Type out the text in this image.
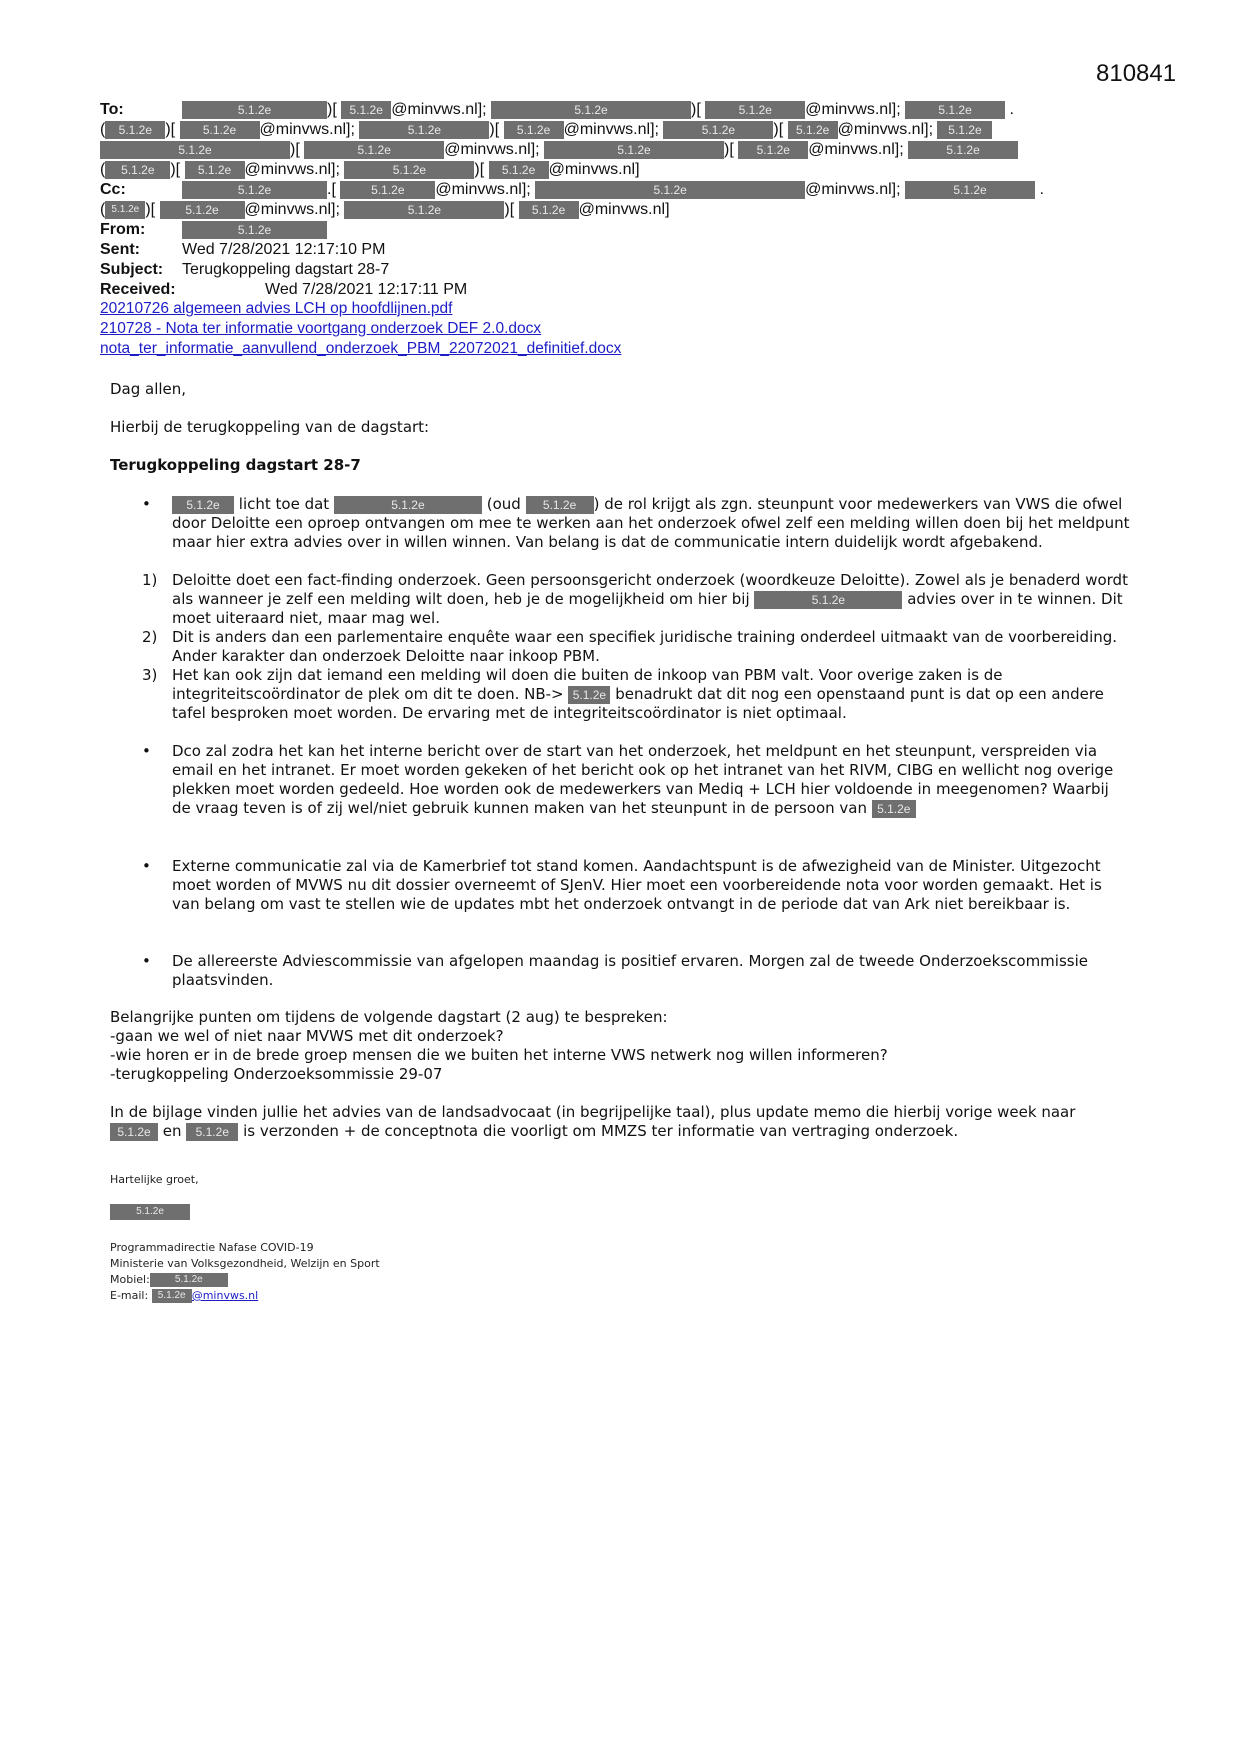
810841
To:	5.1.2e	)[ 5.1.2e @minvws.nl];	5.1.2e	)[	5.1.2e @minvws.nl];	5.1.2e .
( 5.1.2e )[ 5.1.2e @minvws.nl];	5.1.2e	)[ 5.1.2e @minvws.nl];	5.1.2e )[ 5.1.2e @minvws.nl]; 5.1.2e
5.1.2e	)[	5.1.2e	@minvws.nl];	5.1.2e	)[ 5.1.2e @minvws.nl];	5.1.2e
( 5.1.2e )[ 5.1.2e @minvws.nl];	5.1.2e	)[ 5.1.2e @minvws.nl]
Cc:	5.1.2e	.[	5.1.2e @minvws.nl];	5.1.2e	@minvws.nl];	5.1.2e	.
( 5.1.2e )[ 5.1.2e @minvws.nl];	5.1.2e	)[ 5.1.2e @minvws.nl]
From:	5.1.2e
Sent:	Wed 7/28/2021 12:17:10 PM
Subject: Terugkoppeling dagstart 28-7
Received:	Wed 7/28/2021 12:17:11 PM
20210726 algemeen advies LCH op hoofdlijnen.pdf
210728 - Nota ter informatie voortgang onderzoek DEF 2.0.docx
nota_ter_informatie_aanvullend_onderzoek_PBM_22072021_definitief.docx
Dag allen,
Hierbij de terugkoppeling van de dagstart:
Terugkoppeling dagstart 28-7
•	5.1.2e licht toe dat	5.1.2e	(oud 5.1.2e ) de rol krijgt als zgn. steunpunt voor medewerkers van VWS die ofwel door Deloitte een oproep ontvangen om mee te werken aan het onderzoek ofwel zelf een melding willen doen bij het meldpunt maar hier extra advies over in willen winnen. Van belang is dat de communicatie intern duidelijk wordt afgebakend.
1) Deloitte doet een fact-finding onderzoek. Geen persoonsgericht onderzoek (woordkeuze Deloitte). Zowel als je benaderd wordt als wanneer je zelf een melding wilt doen, heb je de mogelijkheid om hier bij	5.1.2e	advies over in te winnen. Dit moet uiteraard niet, maar mag wel.
2) Dit is anders dan een parlementaire enquête waar een specifiek juridische training onderdeel uitmaakt van de voorbereiding. Ander karakter dan onderzoek Deloitte naar inkoop PBM.
3) Het kan ook zijn dat iemand een melding wil doen die buiten de inkoop van PBM valt. Voor overige zaken is de integriteitscoördinator de plek om dit te doen. NB-> 5.1.2e benadrukt dat dit nog een openstaand punt is dat op een andere tafel besproken moet worden. De ervaring met de integriteitscoördinator is niet optimaal.
• Dco zal zodra het kan het interne bericht over de start van het onderzoek, het meldpunt en het steunpunt, verspreiden via email en het intranet. Er moet worden gekeken of het bericht ook op het intranet van het RIVM, CIBG en wellicht nog overige plekken moet worden gedeeld. Hoe worden ook de medewerkers van Mediq + LCH hier voldoende in meegenomen? Waarbij de vraag teven is of zij wel/niet gebruik kunnen maken van het steunpunt in de persoon van 5.1.2e
• Externe communicatie zal via de Kamerbrief tot stand komen. Aandachtspunt is de afwezigheid van de Minister. Uitgezocht moet worden of MVWS nu dit dossier overneemt of SJenV. Hier moet een voorbereidende nota voor worden gemaakt. Het is van belang om vast te stellen wie de updates mbt het onderzoek ontvangt in de periode dat van Ark niet bereikbaar is.
• De allereerste Adviescommissie van afgelopen maandag is positief ervaren. Morgen zal de tweede Onderzoekscommissie plaatsvinden.
Belangrijke punten om tijdens de volgende dagstart (2 aug) te bespreken:
-gaan we wel of niet naar MVWS met dit onderzoek?
-wie horen er in de brede groep mensen die we buiten het interne VWS netwerk nog willen informeren?
-terugkoppeling Onderzoeksommissie 29-07
In de bijlage vinden jullie het advies van de landsadvocaat (in begrijpelijke taal), plus update memo die hierbij vorige week naar
5.1.2e en 5.1.2e is verzonden + de conceptnota die voorligt om MMZS ter informatie van vertraging onderzoek.
Hartelijke groet,
5.1.2e
Programmadirectie Nafase COVID-19
Ministerie van Volksgezondheid, Welzijn en Sport
Mobiel:	5.1.2e
E-mail: 5.1.2e @minvws.nl
